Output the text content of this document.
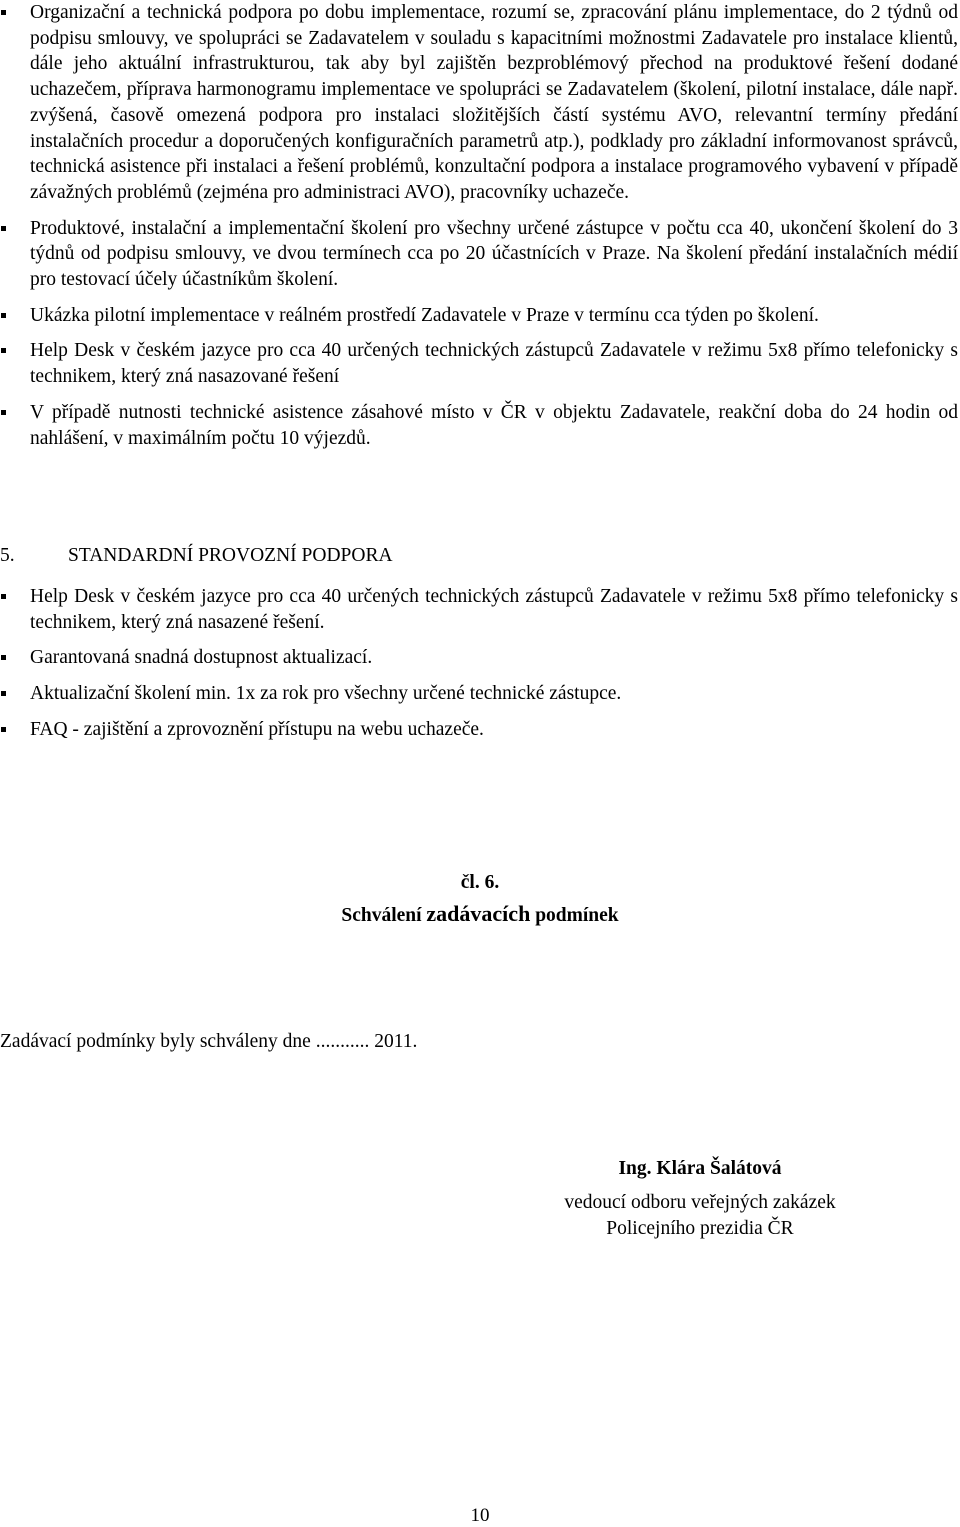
Organizační a technická podpora po dobu implementace, rozumí se, zpracování plánu implementace, do 2 týdnů od podpisu smlouvy, ve spolupráci se Zadavatelem v souladu s kapacitními možnostmi Zadavatele pro instalace klientů, dále jeho aktuální infrastrukturou, tak aby byl zajištěn bezproblémový přechod na produktové řešení dodané uchazečem, příprava harmonogramu implementace ve spolupráci se Zadavatelem (školení, pilotní instalace, dále např. zvýšená, časově omezená podpora pro instalaci složitějších částí systému AVO, relevantní termíny předání instalačních procedur a doporučených konfiguračních parametrů atp.), podklady pro základní informovanost správců, technická asistence při instalaci a řešení problémů, konzultační podpora a instalace programového vybavení v případě závažných problémů (zejména pro administraci AVO), pracovníky uchazeče.
Produktové, instalační a implementační školení pro všechny určené zástupce v počtu cca 40, ukončení školení do 3 týdnů od podpisu smlouvy, ve dvou termínech cca po 20 účastnících v Praze. Na školení předání instalačních médií pro testovací účely účastníkům školení.
Ukázka pilotní implementace v reálném prostředí Zadavatele v Praze v termínu cca týden po školení.
Help Desk v českém jazyce pro cca 40 určených technických zástupců Zadavatele v režimu 5x8 přímo telefonicky s technikem, který zná nasazované řešení
V případě nutnosti technické asistence zásahové místo v ČR v objektu Zadavatele, reakční doba do 24 hodin od nahlášení, v maximálním počtu 10 výjezdů.
5.	STANDARDNÍ PROVOZNÍ PODPORA
Help Desk v českém jazyce pro cca 40 určených technických zástupců Zadavatele v režimu 5x8 přímo telefonicky s technikem, který zná nasazené řešení.
Garantovaná snadná dostupnost aktualizací.
Aktualizační školení min. 1x za rok pro všechny určené technické zástupce.
FAQ - zajištění a zprovoznění přístupu na webu uchazeče.
čl. 6.
Schválení zadávacích podmínek
Zadávací podmínky byly schváleny dne ........... 2011.
Ing. Klára Šalátová
vedoucí odboru veřejných zakázek
Policejního prezidia ČR
10
